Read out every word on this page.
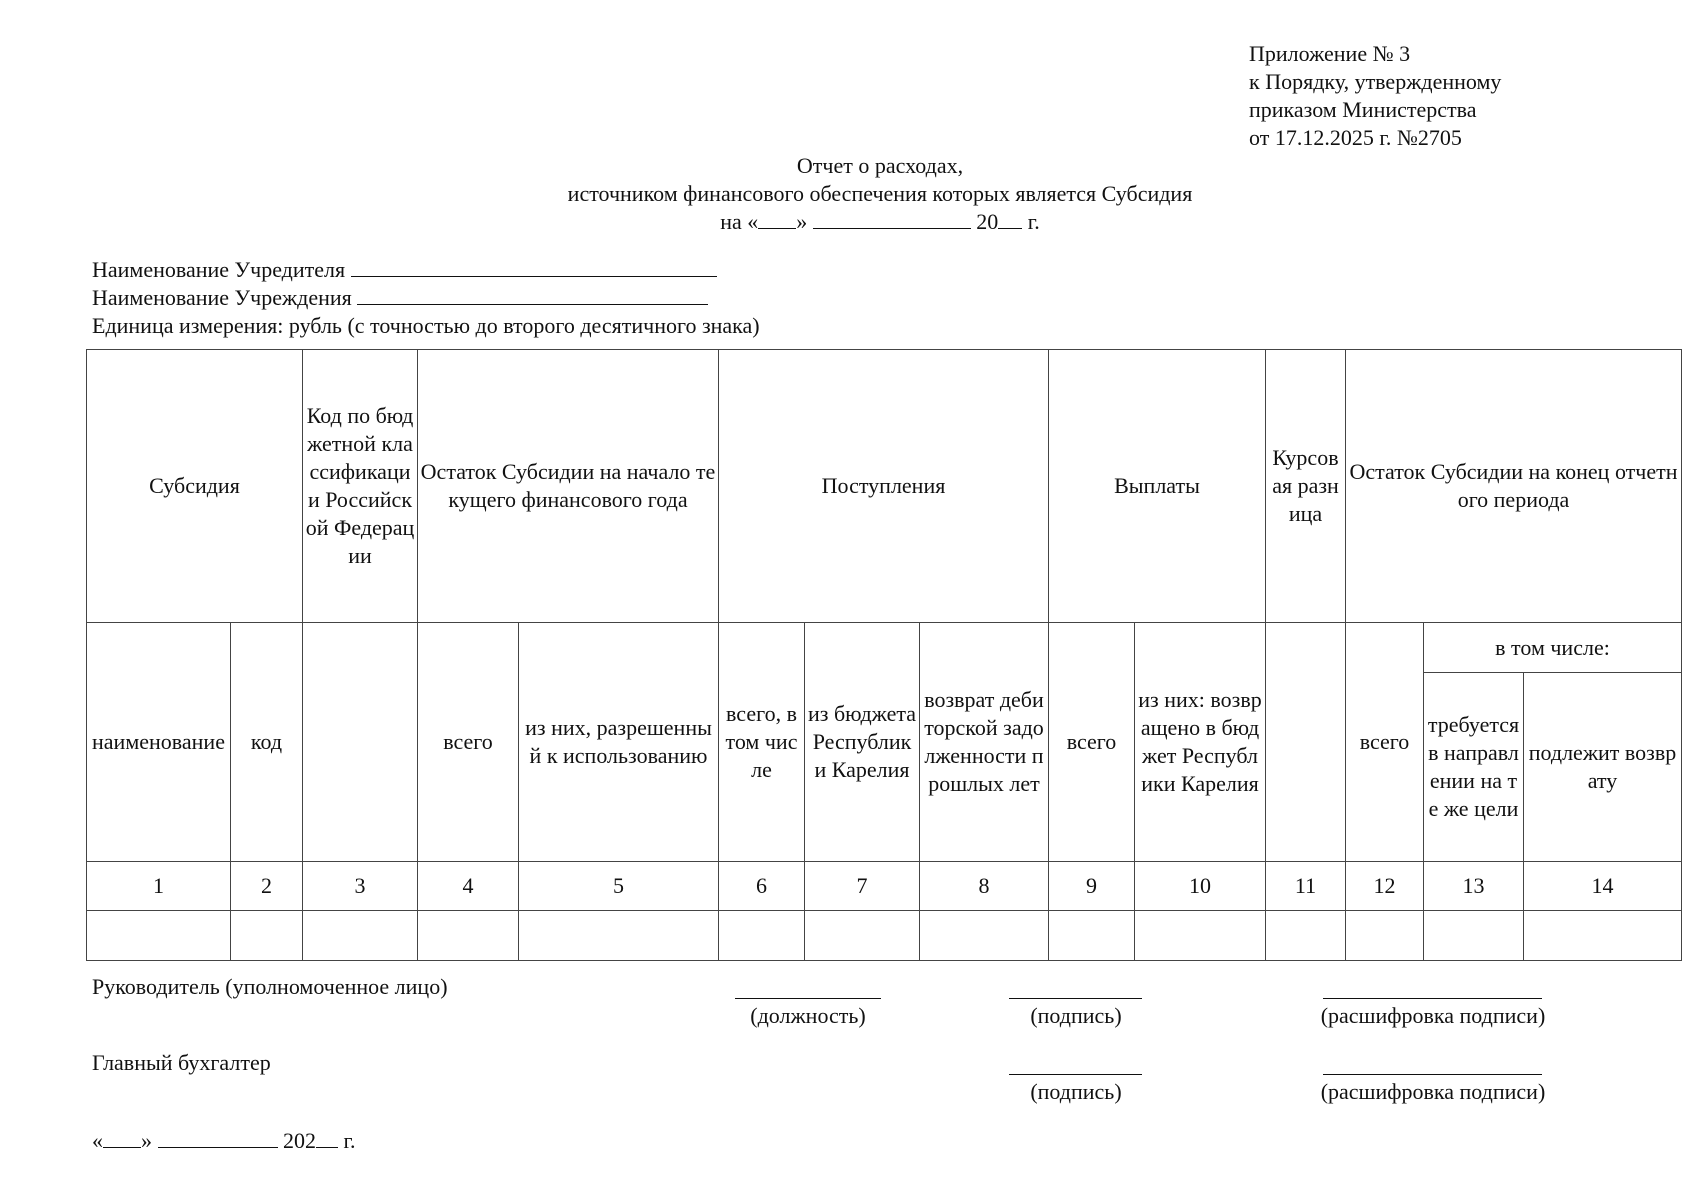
Приложение № 3
к Порядку, утвержденному
приказом Министерства
от 17.12.2025 г. №2705
Отчет о расходах,
источником финансового обеспечения которых является Субсидия
на « »	20 г.
Наименование Учредителя
Наименование Учреждения
Единица измерения: рубль (с точностью до второго десятичного знака)
Субсидия		Код по бюджетной классификации Российской Федерации	Остаток Субсидии на начало текущего финансового года		Поступления			Выплаты		Курсовая разница	Остаток Субсидии на конец отчетного периода		
наименование	код		всего	из них, разрешенный к использованию	всего, в том числе	из бюджета Республики Карелия	возврат дебиторской задолженности прошлых лет	всего	из них: возвращено в бюджет Республики Карелия		всего	в том числе:	
												требуется в направлении на те же цели	подлежит возврату
1	2	3	4	5	6	7	8	9	10	11	12	13	14

Руководитель (уполномоченное лицо)
(должность)	(подпись)	(расшифровка подписи)
Главный бухгалтер
(подпись)	(расшифровка подписи)
« »	202 г.
